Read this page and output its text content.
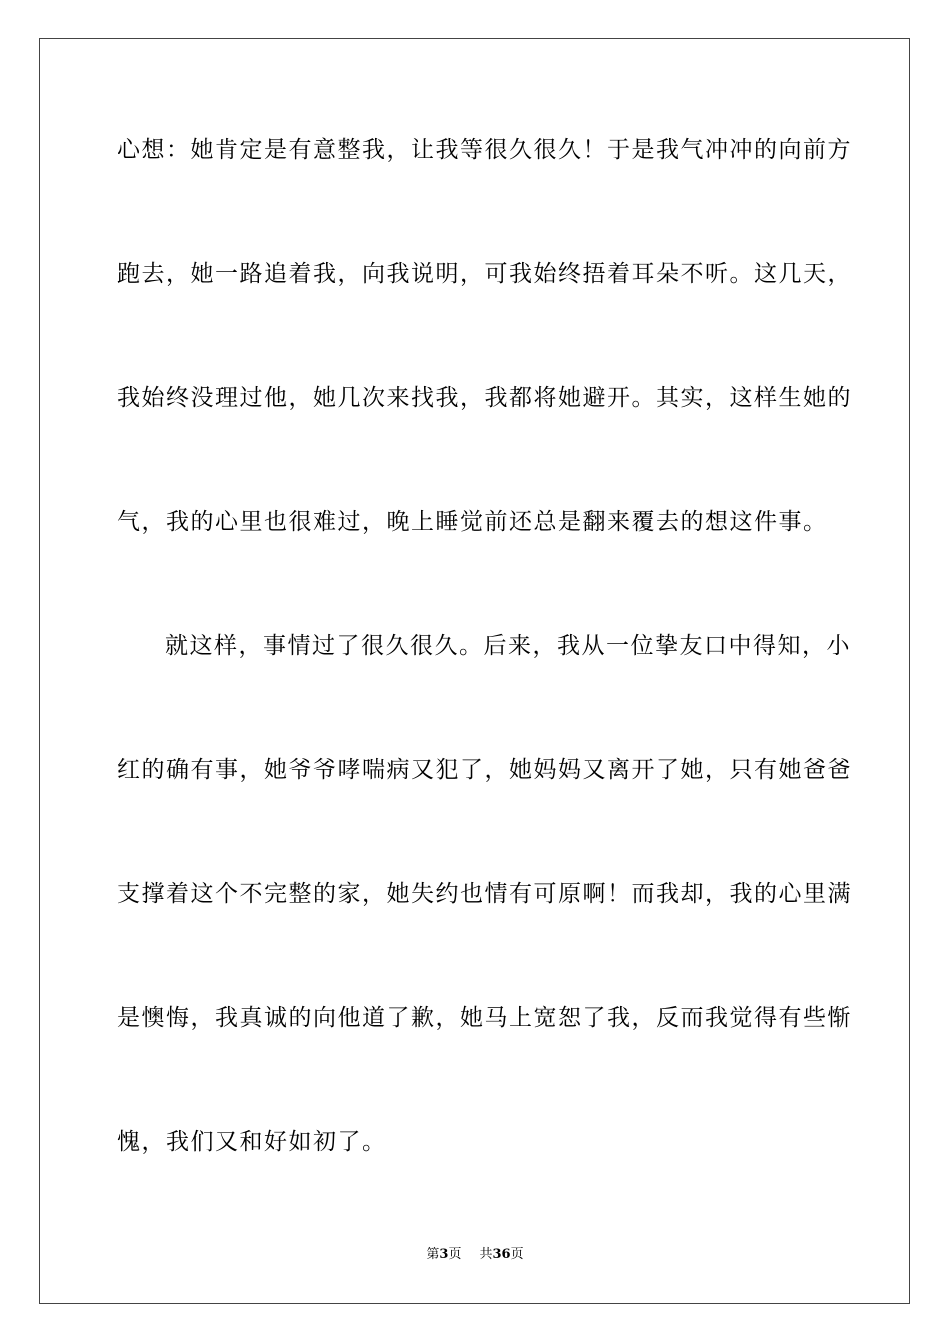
心想：她肯定是有意整我，让我等很久很久！于是我气冲冲的向前方
跑去，她一路追着我，向我说明，可我始终捂着耳朵不听。这几天，
我始终没理过他，她几次来找我，我都将她避开。其实，这样生她的
气，我的心里也很难过，晚上睡觉前还总是翻来覆去的想这件事。
就这样，事情过了很久很久。后来，我从一位挚友口中得知，小
红的确有事，她爷爷哮喘病又犯了，她妈妈又离开了她，只有她爸爸
支撑着这个不完整的家，她失约也情有可原啊！而我却，我的心里满
是懊悔，我真诚的向他道了歉，她马上宽恕了我，反而我觉得有些惭
愧，我们又和好如初了。
第3页 共36页
